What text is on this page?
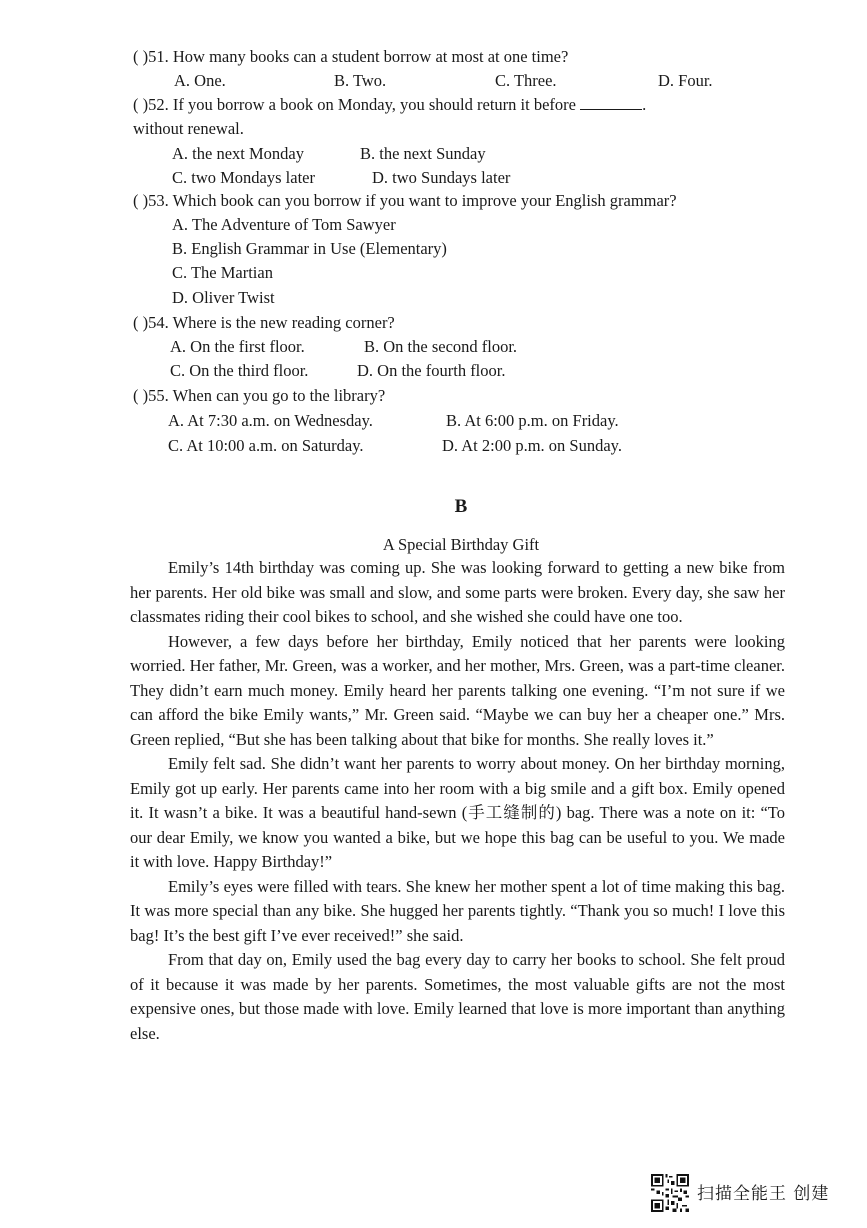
( )51. How many books can a student borrow at most at one time?
A. One.	B. Two.	C. Three.	D. Four.
( )52. If you borrow a book on Monday, you should return it before	.
without renewal.
A. the next Monday	B. the next Sunday
C. two Mondays later	D. two Sundays later
( )53. Which book can you borrow if you want to improve your English grammar?
A. The Adventure of Tom Sawyer
B. English Grammar in Use (Elementary)
C. The Martian
D. Oliver Twist
( )54. Where is the new reading corner?
A. On the first floor.	B. On the second floor.
C. On the third floor.	D. On the fourth floor.
( )55. When can you go to the library?
A. At 7:30 a.m. on Wednesday.	B. At 6:00 p.m. on Friday.
C. At 10:00 a.m. on Saturday.	D. At 2:00 p.m. on Sunday.
B
A Special Birthday Gift

Emily’s 14th birthday was coming up. She was looking forward to getting a new bike from her parents. Her old bike was small and slow, and some parts were broken. Every day, she saw her classmates riding their cool bikes to school, and she wished she could have one too.

However, a few days before her birthday, Emily noticed that her parents were looking worried. Her father, Mr. Green, was a worker, and her mother, Mrs. Green, was a part-time cleaner. They didn’t earn much money. Emily heard her parents talking one evening. “I’m not sure if we can afford the bike Emily wants,” Mr. Green said. “Maybe we can buy her a cheaper one.” Mrs. Green replied, “But she has been talking about that bike for months. She really loves it.”

Emily felt sad. She didn’t want her parents to worry about money. On her birthday morning, Emily got up early. Her parents came into her room with a big smile and a gift box. Emily opened it. It wasn’t a bike. It was a beautiful hand-sewn (手工缝制的) bag. There was a note on it: “To our dear Emily, we know you wanted a bike, but we hope this bag can be useful to you. We made it with love. Happy Birthday!”

Emily’s eyes were filled with tears. She knew her mother spent a lot of time making this bag. It was more special than any bike. She hugged her parents tightly. “Thank you so much! I love this bag! It’s the best gift I’ve ever received!” she said.

From that day on, Emily used the bag every day to carry her books to school. She felt proud of it because it was made by her parents. Sometimes, the most valuable gifts are not the most expensive ones, but those made with love. Emily learned that love is more important than anything else.

扫描全能王 创建
